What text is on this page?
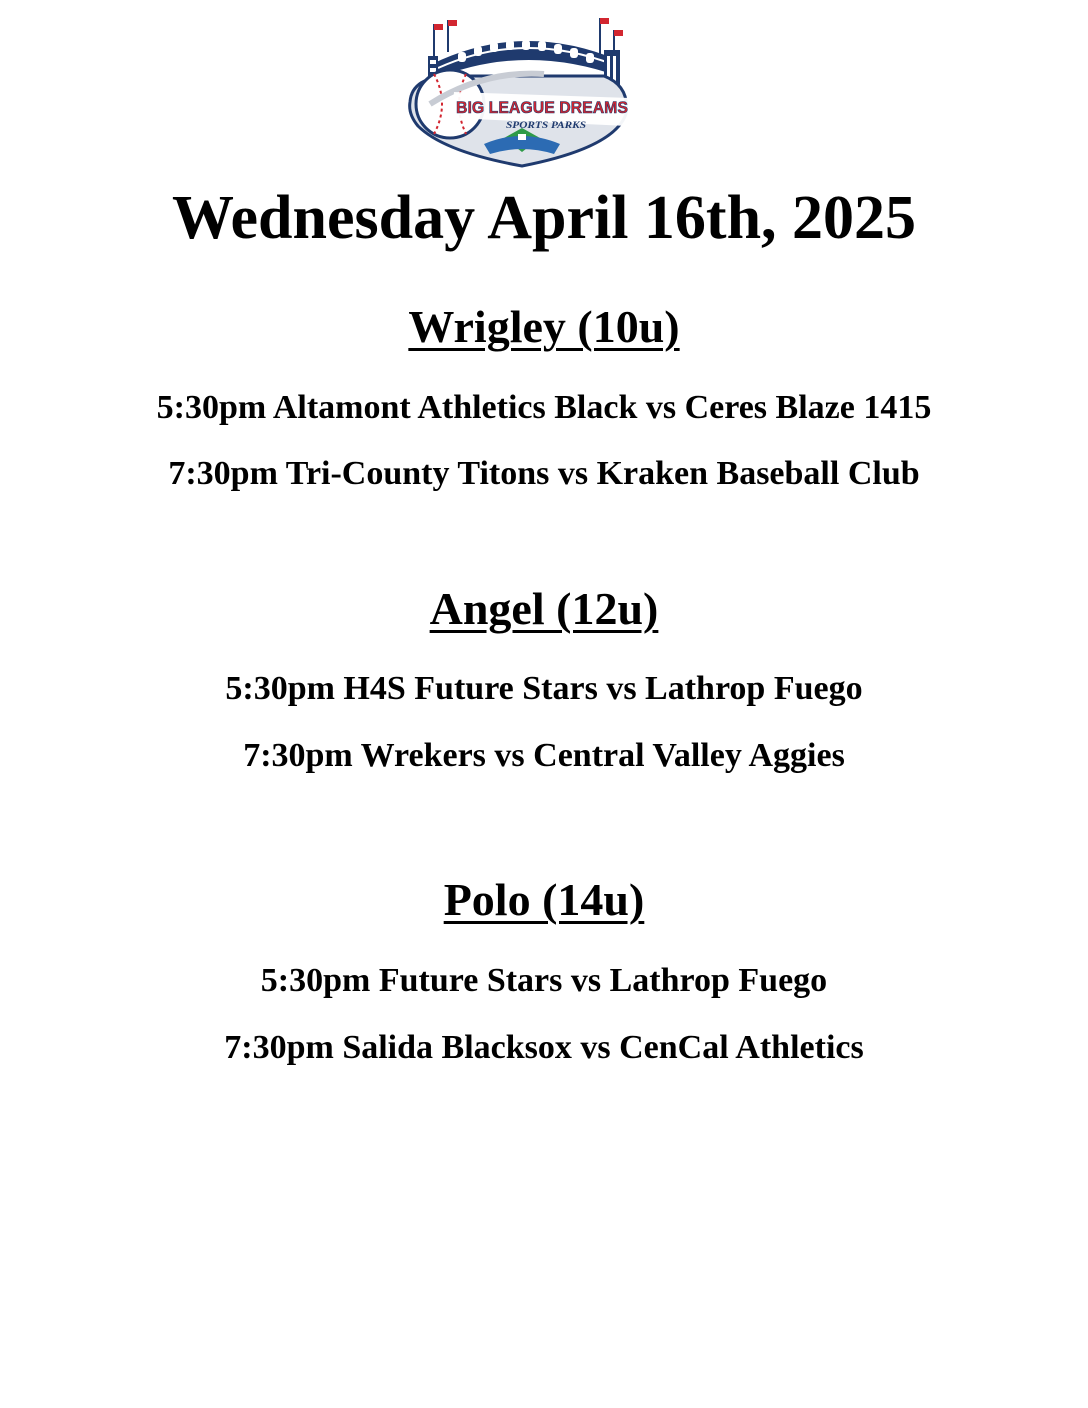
BIG LEAGUE DREAMS
SPORTS PARKS
Wednesday April 16th, 2025
Wrigley (10u)

5:30pm Altamont Athletics Black vs Ceres Blaze 1415

7:30pm Tri-County Titons vs Kraken Baseball Club

Angel (12u)

5:30pm H4S Future Stars vs Lathrop Fuego

7:30pm Wrekers vs Central Valley Aggies

Polo (14u)

5:30pm Future Stars vs Lathrop Fuego

7:30pm Salida Blacksox vs CenCal Athletics
